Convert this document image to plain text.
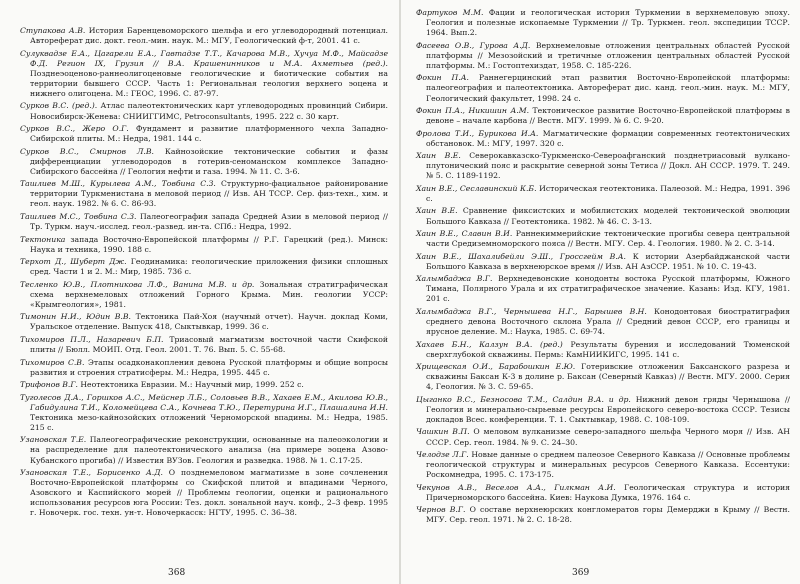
Ступакова А.В. История Баренцевоморского шельфа и его углеводородный потенциал. Автореферат дис. докт. геол.-мин. наук. М.: МГУ, Геологический ф-т, 2001. 41 с.

Сулуквадзе Е.А., Цагарели Е.А., Гавтадзе Т.Т., Качарова М.В., Хучуа М.Ф., Майсадзе Ф.Д. Регион IX, Грузия // В.А. Крашенинников и М.А. Ахметьев (ред.). Позднеэоценово-раннеолигоценовые геологические и биотические события на территории бывшего СССР. Часть 1: Региональная геология верхнего эоцена и нижнего олигоцена. М.: ГЕОС, 1996. С. 87-97.

Сурков В.С. (ред.). Атлас палеотектонических карт углеводородных провинций Сибири. Новосибирск-Женева: СНИИГГИМС, Petroconsultants, 1995. 222 с. 30 карт.

Сурков В.С., Жеро О.Г. Фундамент и развитие платформенного чехла Западно-Сибирской плиты. М.: Недра, 1981. 144 с.

Сурков В.С., Смирнов Л.В. Кайнозойские тектонические события и фазы дифференциации углеводородов в готерив-сеноманском комплексе Западно-Сибирского бассейна // Геология нефти и газа. 1994. № 11. С. 3-6.

Ташлиев М.Ш., Курылева А.М., Товбина С.З. Структурно-фациальное районирование территории Туркменистана в меловой период // Изв. АН ТССР. Сер. физ-техн., хим. и геол. наук. 1982. № 6. С. 86-93.

Ташлиев М.С., Товбина С.З. Палеогеография запада Средней Азии в меловой период // Тр. Туркм. науч.-исслед. геол.-развед. ин-та. СПб.: Недра, 1992.

Тектоника запада Восточно-Европейской платформы // Р.Г. Гарецкий (ред.). Минск: Наука и техника, 1990. 188 с.

Терхот Д., Шуберт Дж. Геодинамика: геологические приложения физики сплошных сред. Части 1 и 2. М.: Мир, 1985. 736 с.

Тесленко Ю.В., Плотникова Л.Ф., Ванина М.В. и др. Зональная стратиграфическая схема верхнемеловых отложений Горного Крыма. Мин. геологии УССР: «Крымгеология», 1981.

Тимонин Н.И., Юдин В.В. Тектоника Пай-Хоя (научный отчет). Научн. доклад Коми, Уральское отделение. Выпуск 418, Сыктывкар, 1999. 36 с.

Тихомиров П.Л., Назаревич Б.П. Триасовый магматизм восточной части Скифской плиты // Бюлл. МОИП. Отд. Геол. 2001. Т. 76. Вып. 5. С. 55-68.

Тихомиров С.В. Этапы осадконакопления девона Русской платформы и общие вопросы развития и строения стратисферы. М.: Недра, 1995. 445 с.

Трифонов В.Г. Неотектоника Евразии. М.: Научный мир, 1999. 252 с.

Туголесов Д.А., Горшков А.С., Мейснер Л.Б., Соловьев В.В., Хахаев Е.М., Акилова Ю.В., Габидулина Т.И., Коломейцева С.А., Кочнева Т.Ю., Перетурина И.Г., Плашалина И.Н. Тектоника мезо-кайнозойских отложений Черноморской впадины. М.: Недра, 1985. 215 с.

Узановская Т.Е. Палеогеографические реконструкции, основанные на палеоэкологии и на распределение для палеотектонического анализа (на примере эоцена Азово-Кубанского прогиба) // Известия ВУЗов. Геология и разведка. 1988. № 1. С.17-25.

Узановская Т.Е., Борисенко А.Д. О позднемеловом магматизме в зоне сочленения Восточно-Европейской платформы со Скифской плитой и впадинами Черного, Азовского и Каспийского морей // Проблемы геологии, оценки и рационального использования ресурсов юга России: Тез. докл. зональной науч. конф., 2–3 февр. 1995 г. Новочерк. гос. техн. ун-т. Новочеркасск: НГТУ, 1995. С. 36–38.

368

Фартуков М.М. Фации и геологическая история Туркмении в верхнемеловую эпоху. Геология и полезные ископаемые Туркмении // Тр. Туркмен. геол. экспедиции ТССР. 1964. Вып.2.

Фасеева О.В., Гурова А.Д. Верхнемеловые отложения центральных областей Русской платформы // Мезозойский и третичные отложения центральных областей Русской платформы. М.: Гостоптехиздат, 1958. С. 185-226.

Фокин П.А. Раннегерцинский этап развития Восточно-Европейской платформы: палеогеография и палеотектоника. Автореферат дис. канд. геол.-мин. наук. М.: МГУ, Геологический факультет, 1998. 24 с.

Фокин П.А., Никишин А.М. Тектоническое развитие Восточно-Европейской платформы в девоне – начале карбона // Вестн. МГУ. 1999. № 6. С. 9-20.

Фролова Т.И., Бурикова И.А. Магматические формации современных геотектонических обстановок. М.: МГУ, 1997. 320 с.

Хаин В.Е. Северокавказско-Туркменско-Североафганский позднетриасовый вулкано-плутонический пояс и раскрытие северной зоны Тетиса // Докл. АН СССР. 1979. Т. 249. № 5. С. 1189-1192.

Хаин В.Е., Сеславинский К.Б. Историческая геотектоника. Палеозой. М.: Недра, 1991. 396 с.

Хаин В.Е. Сравнение фиксистских и мобилистских моделей тектонической эволюции Большого Кавказа // Геотектоника. 1982. № 46. С. 3-13.

Хаин В.Е., Славин В.И. Раннекиммерийские тектонические прогибы севера центральной части Средиземноморского пояса // Вестн. МГУ. Сер. 4. Геология. 1980. № 2. С. 3-14.

Хаин В.Е., Шахалибейли Э.Ш., Гроссгейм В.А. К истории Азербайджанской части Большого Кавказа в верхнеюрское время // Изв. АН АзССР. 1951. № 10. С. 19-43.

Халымбаджа В.Г. Верхнедевонские конодонты востока Русской платформы, Южного Тимана, Полярного Урала и их стратиграфическое значение. Казань: Изд. КГУ, 1981. 201 с.

Халымбаджа В.Г., Чернышева Н.Г., Барышев В.Н. Конодонтовая биостратиграфия среднего девона Восточного склона Урала // Средний девон СССР, его границы и ярусное деление. М.: Наука, 1985. С. 69-74.

Хахаев Б.Н., Калзун В.А. (ред.) Результаты бурения и исследований Тюменской сверхглубокой скважины. Пермь: КамНИИКИГС, 1995. 141 с.

Хрищевская О.И., Барабошкин Е.Ю. Готеривские отложения Баксанского разреза и скважины Баксан К-3 в долине р. Баксан (Северный Кавказ) // Вестн. МГУ. 2000. Серия 4, Геология. № 3. С. 59-65.

Цыганко В.С., Безносова Т.М., Салдин В.А. и др. Нижний девон гряды Чернышова // Геология и минерально-сырьевые ресурсы Европейского северо-востока СССР. Тезисы докладов Всес. конференции. Т. 1. Сыктывкар, 1988. С. 108-109.

Чашкин В.П. О меловом вулканизме северо-западного шельфа Черного моря // Изв. АН СССР. Сер. геол. 1984. № 9. С. 24–30.

Челодзе Л.Г. Новые данные о среднем палеозое Северного Кавказа // Основные проблемы геологической структуры и минеральных ресурсов Северного Кавказа. Ессентуки: Роскомнедра, 1995. С. 173-175.

Чекунов А.В., Веселов А.А., Гилкман А.И. Геологическая структура и история Причерноморского бассейна. Киев: Наукова Думка, 1976. 164 с.

Чернов В.Г. О составе верхнеюрских конгломератов горы Демерджи в Крыму // Вестн. МГУ. Сер. геол. 1971. № 2. С. 18-28.

369
